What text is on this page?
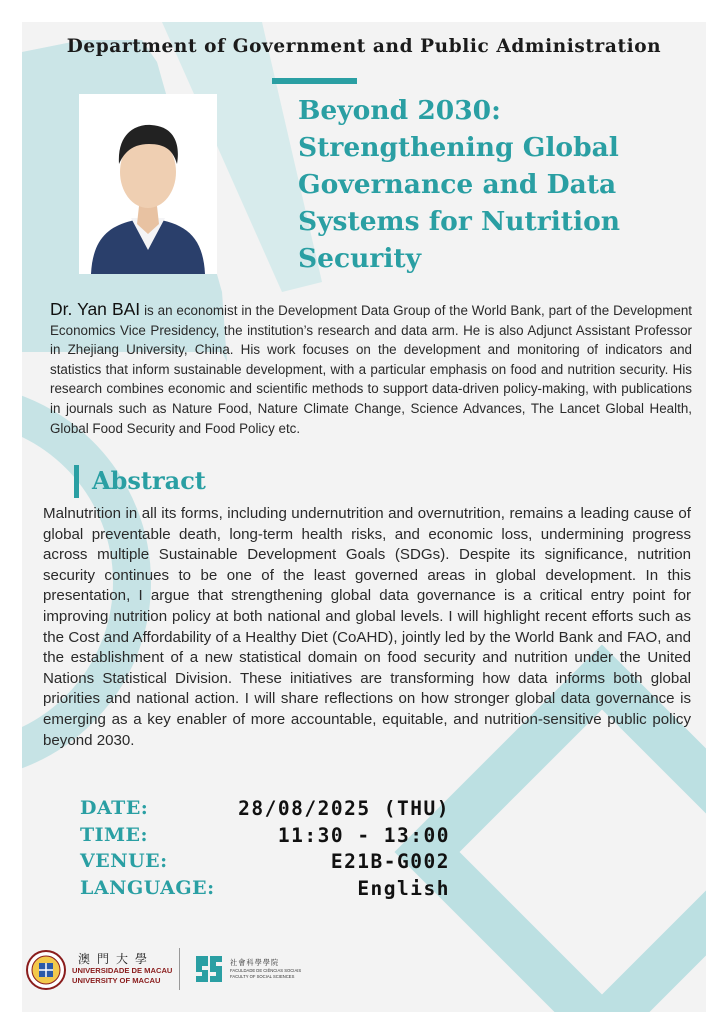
Department of Government and Public Administration
Beyond 2030: Strengthening Global Governance and Data Systems for Nutrition Security
Dr. Yan BAI is an economist in the Development Data Group of the World Bank, part of the Development Economics Vice Presidency, the institution’s research and data arm. He is also Adjunct Assistant Professor in Zhejiang University, China. His work focuses on the development and monitoring of indicators and statistics that inform sustainable development, with a particular emphasis on food and nutrition security. His research combines economic and scientific methods to support data-driven policy-making, with publications in journals such as Nature Food, Nature Climate Change, Science Advances, The Lancet Global Health, Global Food Security and Food Policy etc.
Abstract
Malnutrition in all its forms, including undernutrition and overnutrition, remains a leading cause of global preventable death, long-term health risks, and economic loss, undermining progress across multiple Sustainable Development Goals (SDGs). Despite its significance, nutrition security continues to be one of the least governed areas in global development. In this presentation, I argue that strengthening global data governance is a critical entry point for improving nutrition policy at both national and global levels. I will highlight recent efforts such as the Cost and Affordability of a Healthy Diet (CoAHD), jointly led by the World Bank and FAO, and the establishment of a new statistical domain on food security and nutrition under the United Nations Statistical Division. These initiatives are transforming how data informs both global priorities and national action. I will share reflections on how stronger global data governance is emerging as a key enabler of more accountable, equitable, and nutrition-sensitive public policy beyond 2030.
DATE:	28/08/2025 (THU)
TIME:	11:30 - 13:00
VENUE:	E21B-G002
LANGUAGE:	English
澳門大學
UNIVERSIDADE DE MACAU
UNIVERSITY OF MACAU
社會科學學院
FACULDADE DE CIÊNCIAS SOCIAIS
FACULTY OF SOCIAL SCIENCES
